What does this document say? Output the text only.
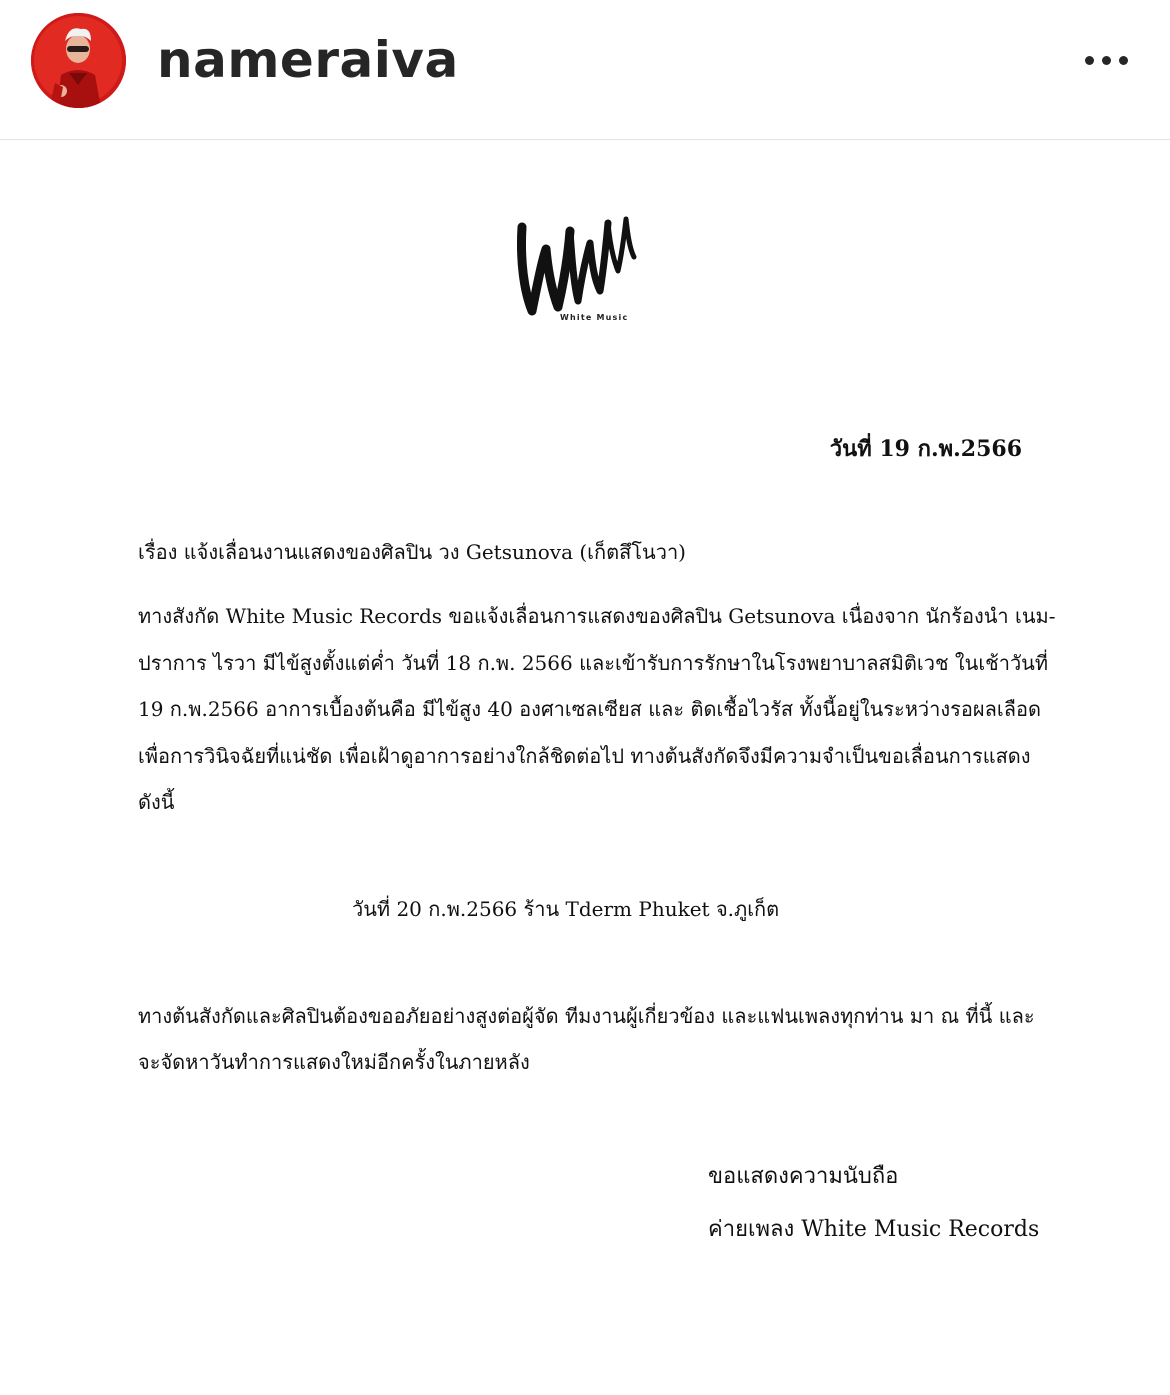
nameraiva
White Music
วันที่ 19 ก.พ.2566
เรื่อง แจ้งเลื่อนงานแสดงของศิลปิน วง Getsunova (เก็ตสึโนวา)
ทางสังกัด White Music Records ขอแจ้งเลื่อนการแสดงของศิลปิน Getsunova เนื่องจาก นักร้องนำ เนม-
ปราการ ไรวา มีไข้สูงตั้งแต่ค่ำ วันที่ 18 ก.พ. 2566 และเข้ารับการรักษาในโรงพยาบาลสมิติเวช ในเช้าวันที่
19 ก.พ.2566 อาการเบื้องต้นคือ มีไข้สูง 40 องศาเซลเซียส และ ติดเชื้อไวรัส ทั้งนี้อยู่ในระหว่างรอผลเลือด
เพื่อการวินิจฉัยที่แน่ชัด เพื่อเฝ้าดูอาการอย่างใกล้ชิดต่อไป ทางต้นสังกัดจึงมีความจำเป็นขอเลื่อนการแสดง
ดังนี้
วันที่ 20 ก.พ.2566 ร้าน Tderm Phuket จ.ภูเก็ต
ทางต้นสังกัดและศิลปินต้องขออภัยอย่างสูงต่อผู้จัด ทีมงานผู้เกี่ยวข้อง และแฟนเพลงทุกท่าน มา ณ ที่นี้ และ
จะจัดหาวันทำการแสดงใหม่อีกครั้งในภายหลัง
ขอแสดงความนับถือ
ค่ายเพลง White Music Records
